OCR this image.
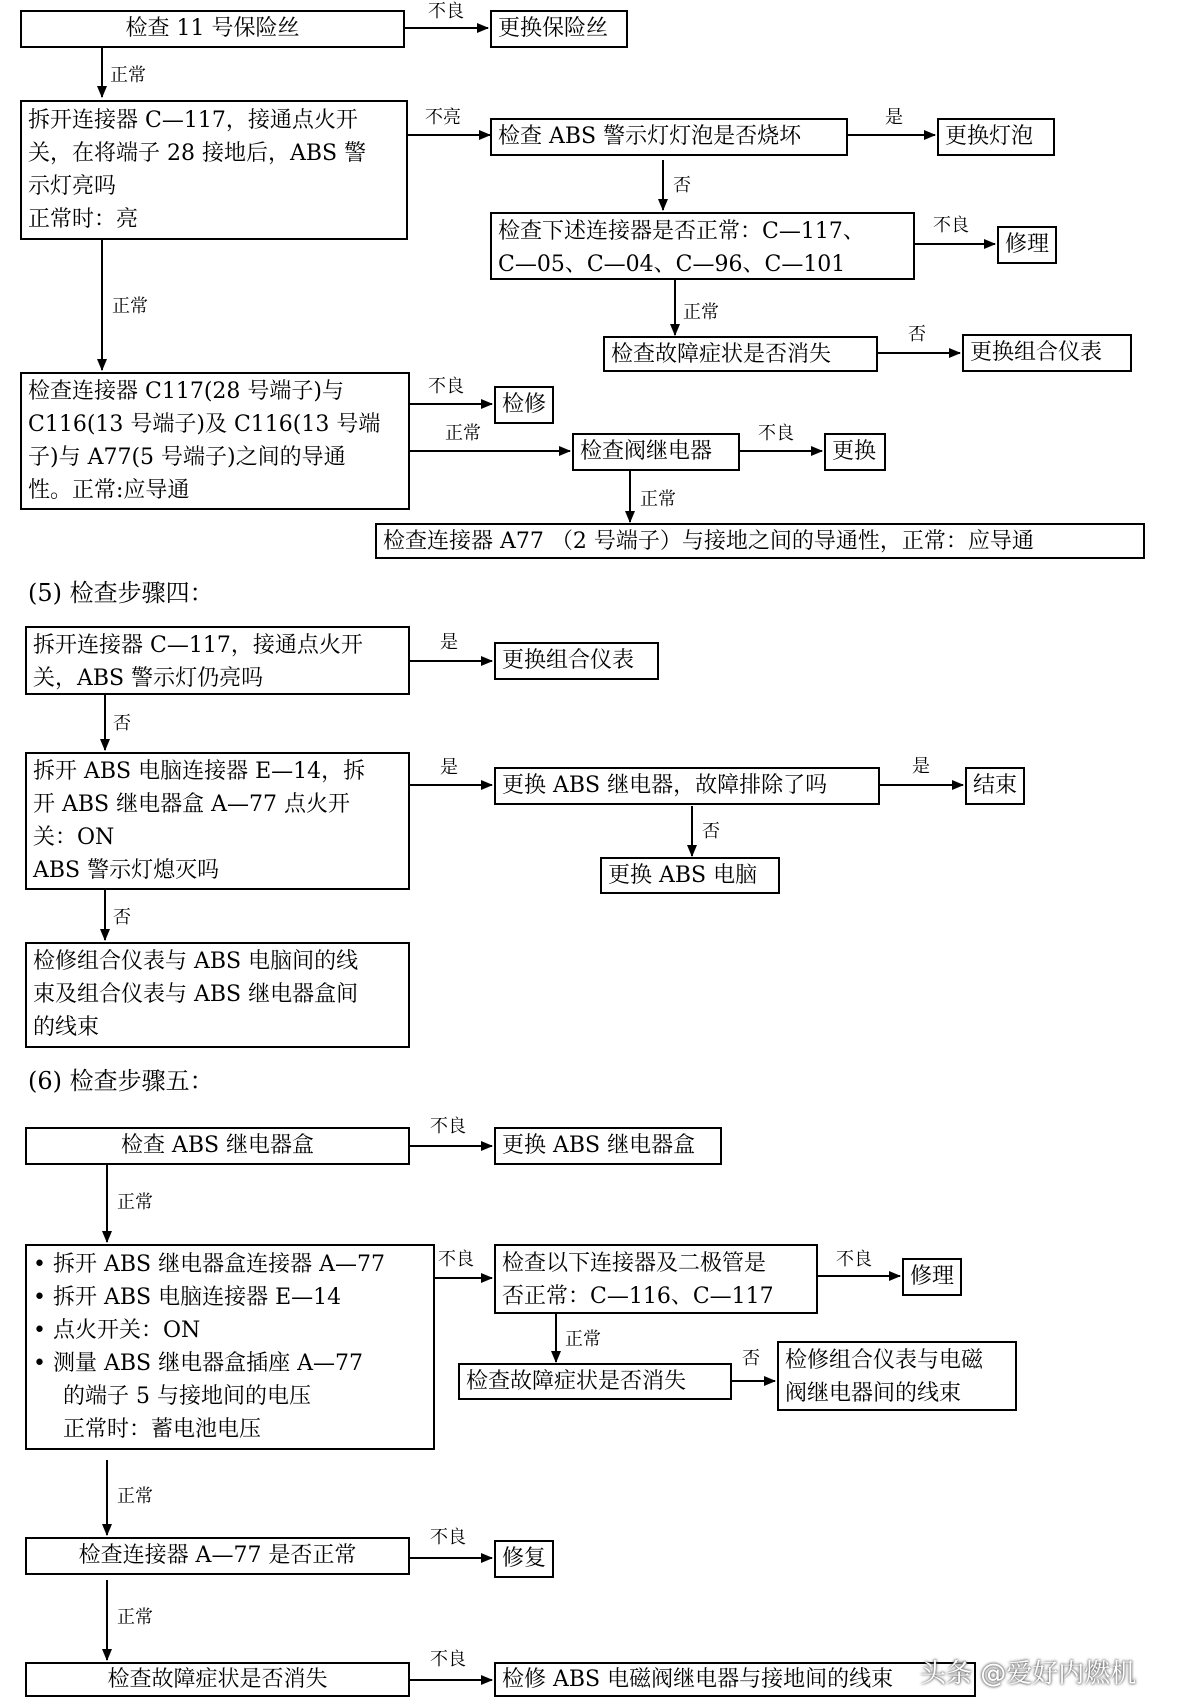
检查 11 号保险丝
不良
更换保险丝
正常
拆开连接器 C—117，接通点火开
关，在将端子 28 接地后，ABS 警
示灯亮吗
正常时：亮
不亮
正常
检查 ABS 警示灯灯泡是否烧坏
是
更换灯泡
否
检查下述连接器是否正常：C—117、
C—05、C—04、C—96、C—101
不良
修理
正常
检查故障症状是否消失
否
更换组合仪表
检查连接器 C117(28 号端子)与
C116(13 号端子)及 C116(13 号端
子)与 A77(5 号端子)之间的导通
性。正常:应导通
不良
检修
正常
检查阀继电器
不良
更换
正常
检查连接器 A77 （2 号端子）与接地之间的导通性，正常：应导通
(5) 检查步骤四：
拆开连接器 C—117，接通点火开
关，ABS 警示灯仍亮吗
是
更换组合仪表
否
拆开 ABS 电脑连接器 E—14，拆
开 ABS 继电器盒 A—77 点火开
关：ON
ABS 警示灯熄灭吗
是
更换 ABS 继电器，故障排除了吗
是
结束
否
更换 ABS 电脑
否
检修组合仪表与 ABS 电脑间的线
束及组合仪表与 ABS 继电器盒间
的线束
(6) 检查步骤五：
检查 ABS 继电器盒
不良
更换 ABS 继电器盒
正常
• 拆开 ABS 继电器盒连接器 A—77
• 拆开 ABS 电脑连接器 E—14
• 点火开关：ON
• 测量 ABS 继电器盒插座 A—77
的端子 5 与接地间的电压
正常时：蓄电池电压
不良
正常
检查以下连接器及二极管是
否正常：C—116、C—117
不良
修理
正常
检查故障症状是否消失
否 检修组合仪表与电磁
阀继电器间的线束
检查连接器 A—77 是否正常
不良
修复
正常
检查故障症状是否消失
不良
检修 ABS 电磁阀继电器与接地间的线束	头条 @爱好内燃机
